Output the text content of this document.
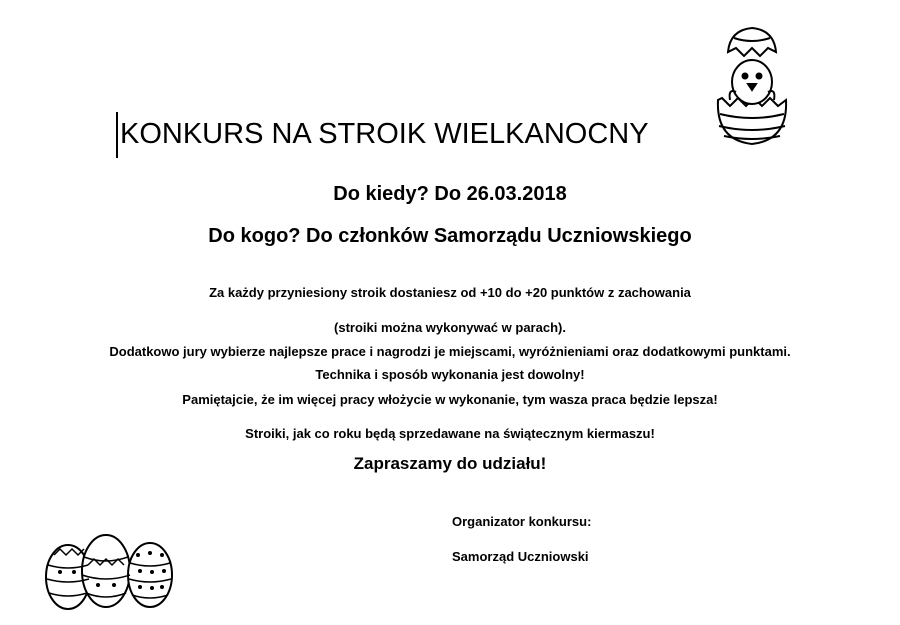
KONKURS NA STROIK WIELKANOCNY
Do kiedy? Do 26.03.2018
Do kogo? Do członków Samorządu Uczniowskiego
Za każdy przyniesiony stroik dostaniesz od +10 do +20 punktów z zachowania
(stroiki można wykonywać w parach).
Dodatkowo jury wybierze najlepsze prace i nagrodzi je miejscami, wyróżnieniami oraz dodatkowymi punktami.
Technika i sposób wykonania jest dowolny!
Pamiętajcie, że im więcej pracy włożycie w wykonanie, tym wasza praca będzie lepsza!
Stroiki, jak co roku będą sprzedawane na świątecznym kiermaszu!
Zapraszamy do udziału!
Organizator konkursu:
Samorząd Uczniowski
